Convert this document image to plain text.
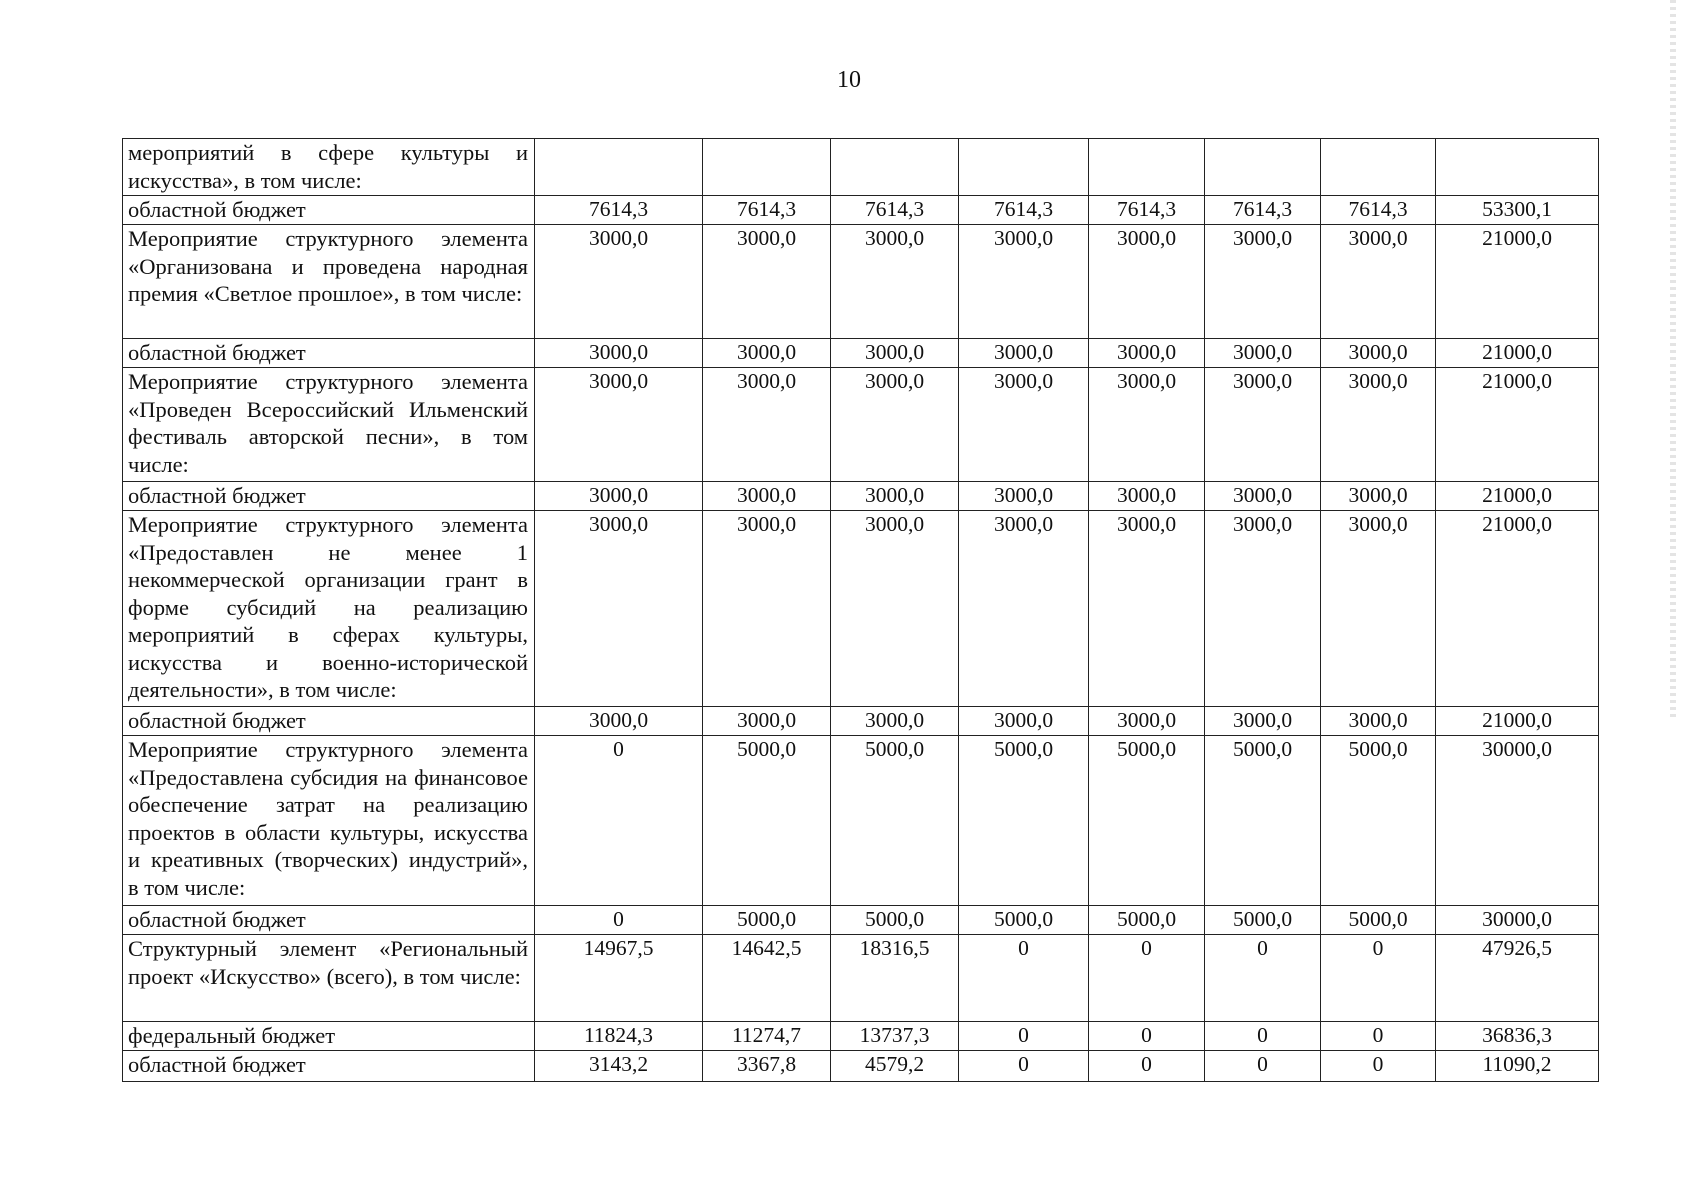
10
мероприятий в сфере культуры и искусства», в том числе:								
областной бюджет	7614,3	7614,3	7614,3	7614,3	7614,3	7614,3	7614,3	53300,1
Мероприятие структурного элемента «Организована и проведена народная премия «Светлое прошлое», в том числе:	3000,0	3000,0	3000,0	3000,0	3000,0	3000,0	3000,0	21000,0
областной бюджет	3000,0	3000,0	3000,0	3000,0	3000,0	3000,0	3000,0	21000,0
Мероприятие структурного элемента «Проведен Всероссийский Ильменский фестиваль авторской песни», в том числе:	3000,0	3000,0	3000,0	3000,0	3000,0	3000,0	3000,0	21000,0
областной бюджет	3000,0	3000,0	3000,0	3000,0	3000,0	3000,0	3000,0	21000,0
Мероприятие структурного элемента «Предоставлен не менее 1 некоммерческой организации грант в форме субсидий на реализацию мероприятий в сферах культуры, искусства и военно-исторической деятельности», в том числе:	3000,0	3000,0	3000,0	3000,0	3000,0	3000,0	3000,0	21000,0
областной бюджет	3000,0	3000,0	3000,0	3000,0	3000,0	3000,0	3000,0	21000,0
Мероприятие структурного элемента «Предоставлена субсидия на финансовое обеспечение затрат на реализацию проектов в области культуры, искусства и креативных (творческих) индустрий», в том числе:	0	5000,0	5000,0	5000,0	5000,0	5000,0	5000,0	30000,0
областной бюджет	0	5000,0	5000,0	5000,0	5000,0	5000,0	5000,0	30000,0
Структурный элемент «Региональный проект «Искусство» (всего), в том числе:	14967,5	14642,5	18316,5	0	0	0	0	47926,5
федеральный бюджет	11824,3	11274,7	13737,3	0	0	0	0	36836,3
областной бюджет	3143,2	3367,8	4579,2	0	0	0	0	11090,2
